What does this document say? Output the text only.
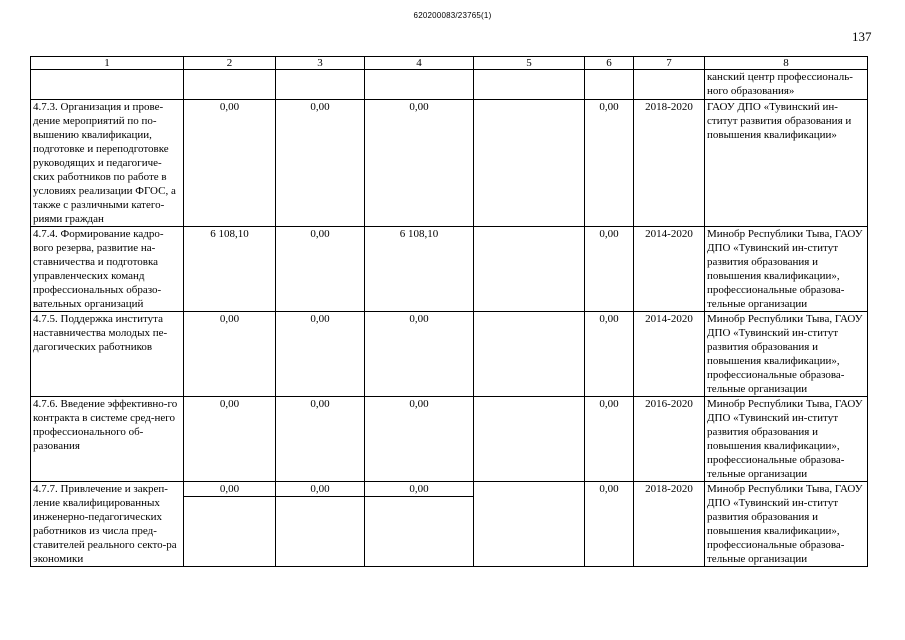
620200083/23765(1)
137
1	2	3	4	5	6	7	8
							канский центр профессиональ-ного образования»
4.7.3. Организация и прове-дение мероприятий по по-вышению квалификации, подготовке и переподготовке руководящих и педагогиче-ских работников по работе в условиях реализации ФГОС, а также с различными катего-риями граждан	0,00	0,00	0,00		0,00	2018-2020	ГАОУ ДПО «Тувинский ин-ститут развития образования и повышения квалификации»
4.7.4. Формирование кадро-вого резерва, развитие на-ставничества и подготовка управленческих команд профессиональных образо-вательных организаций	6 108,10	0,00	6 108,10		0,00	2014-2020	Минобр Республики Тыва, ГАОУ ДПО «Тувинский ин-ститут развития образования и повышения квалификации», профессиональные образова-тельные организации
4.7.5. Поддержка института наставничества молодых пе-дагогических работников	0,00	0,00	0,00		0,00	2014-2020	Минобр Республики Тыва, ГАОУ ДПО «Тувинский ин-ститут развития образования и повышения квалификации», профессиональные образова-тельные организации
4.7.6. Введение эффективно-го контракта в системе сред-него профессионального об-разования	0,00	0,00	0,00		0,00	2016-2020	Минобр Республики Тыва, ГАОУ ДПО «Тувинский ин-ститут развития образования и повышения квалификации», профессиональные образова-тельные организации
4.7.7. Привлечение и закреп-ление квалифицированных инженерно-педагогических работников из числа пред-ставителей реального секто-ра экономики	0,00	0,00	0,00		0,00	2018-2020	Минобр Республики Тыва, ГАОУ ДПО «Тувинский ин-ститут развития образования и повышения квалификации», профессиональные образова-тельные организации
